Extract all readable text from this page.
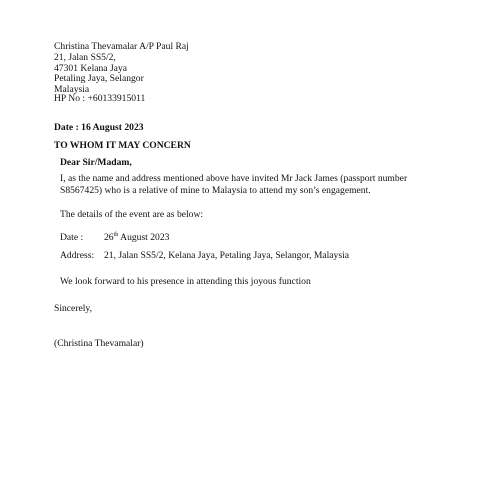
Christina Thevamalar A/P Paul Raj
21, Jalan SS5/2,
47301 Kelana Jaya
Petaling Jaya, Selangor
Malaysia
HP No : +60133915011
Date : 16 August 2023
TO WHOM IT MAY CONCERN
Dear Sir/Madam,
I, as the name and address mentioned above have invited Mr Jack James (passport number
S8567425) who is a relative of mine to Malaysia to attend my son’s engagement.
The details of the event are as below:
Date : 26th August 2023
Address: 21, Jalan SS5/2, Kelana Jaya, Petaling Jaya, Selangor, Malaysia
We look forward to his presence in attending this joyous function
Sincerely,
(Christina Thevamalar)
